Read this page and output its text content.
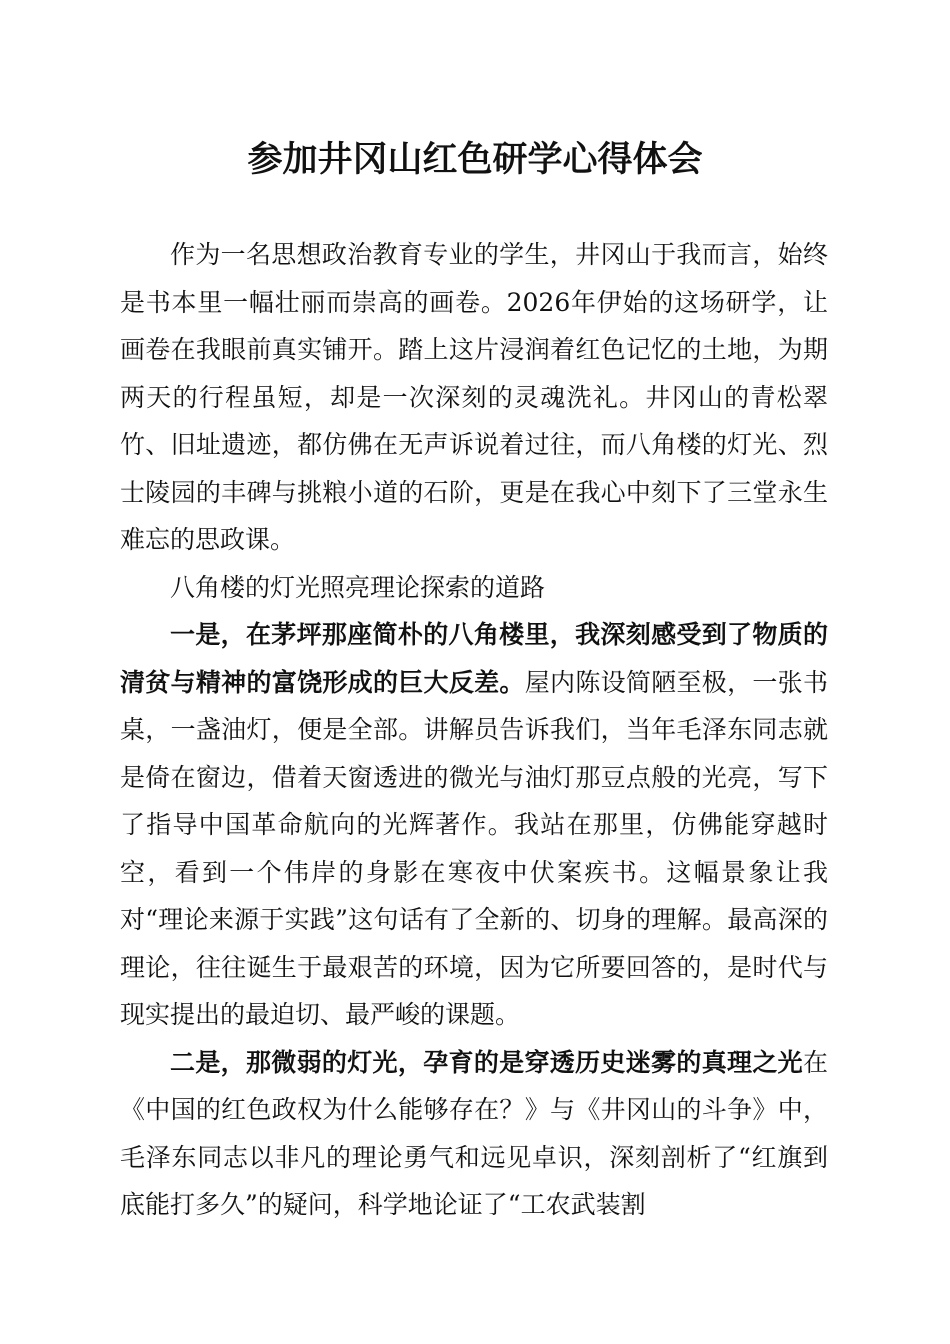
参加井冈山红色研学心得体会

作为一名思想政治教育专业的学生，井冈山于我而言，始终是书本里一幅壮丽而崇高的画卷。2026年伊始的这场研学，让画卷在我眼前真实铺开。踏上这片浸润着红色记忆的土地，为期两天的行程虽短，却是一次深刻的灵魂洗礼。井冈山的青松翠竹、旧址遗迹，都仿佛在无声诉说着过往，而八角楼的灯光、烈士陵园的丰碑与挑粮小道的石阶，更是在我心中刻下了三堂永生难忘的思政课。

八角楼的灯光照亮理论探索的道路

一是，在茅坪那座简朴的八角楼里，我深刻感受到了物质的清贫与精神的富饶形成的巨大反差。屋内陈设简陋至极，一张书桌，一盏油灯，便是全部。讲解员告诉我们，当年毛泽东同志就是倚在窗边，借着天窗透进的微光与油灯那豆点般的光亮，写下了指导中国革命航向的光辉著作。我站在那里，仿佛能穿越时空，看到一个伟岸的身影在寒夜中伏案疾书。这幅景象让我对“理论来源于实践”这句话有了全新的、切身的理解。最高深的理论，往往诞生于最艰苦的环境，因为它所要回答的，是时代与现实提出的最迫切、最严峻的课题。

二是，那微弱的灯光，孕育的是穿透历史迷雾的真理之光在《中国的红色政权为什么能够存在？》与《井冈山的斗争》中，毛泽东同志以非凡的理论勇气和远见卓识，深刻剖析了“红旗到底能打多久”的疑问，科学地论证了“工农武装割
